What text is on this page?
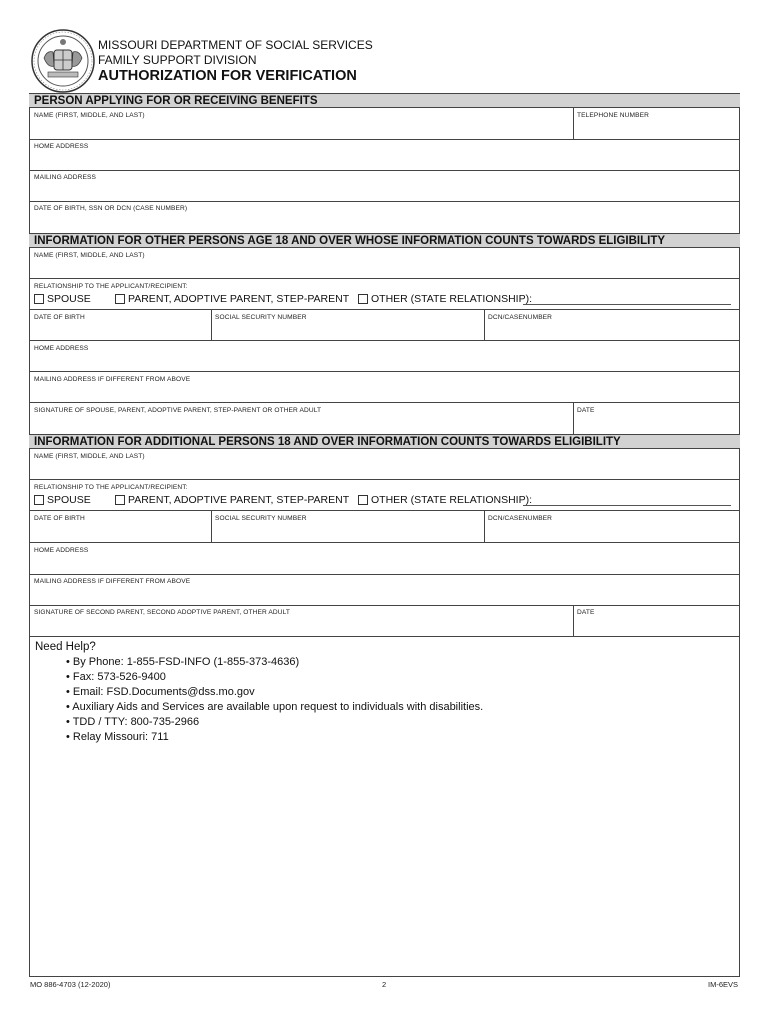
MISSOURI DEPARTMENT OF SOCIAL SERVICES
FAMILY SUPPORT DIVISION
AUTHORIZATION FOR VERIFICATION
PERSON APPLYING FOR OR RECEIVING BENEFITS
NAME (FIRST, MIDDLE, AND LAST)	TELEPHONE NUMBER
HOME ADDRESS
MAILING ADDRESS
DATE OF BIRTH, SSN OR DCN (CASE NUMBER)
INFORMATION FOR OTHER PERSONS AGE 18 AND OVER WHOSE INFORMATION COUNTS TOWARDS ELIGIBILITY
NAME (FIRST, MIDDLE, AND LAST)
RELATIONSHIP TO THE APPLICANT/RECIPIENT:
SPOUSE	PARENT, ADOPTIVE PARENT, STEP-PARENT OTHER (STATE RELATIONSHIP):
DATE OF BIRTH	SOCIAL SECURITY NUMBER	DCN/CASENUMBER
HOME ADDRESS
MAILING ADDRESS IF DIFFERENT FROM ABOVE
SIGNATURE OF SPOUSE, PARENT, ADOPTIVE PARENT, STEP-PARENT OR OTHER ADULT	DATE
INFORMATION FOR ADDITIONAL PERSONS 18 AND OVER INFORMATION COUNTS TOWARDS ELIGIBILITY
NAME (FIRST, MIDDLE, AND LAST)
RELATIONSHIP TO THE APPLICANT/RECIPIENT:
SPOUSE	PARENT, ADOPTIVE PARENT, STEP-PARENT OTHER (STATE RELATIONSHIP):
DATE OF BIRTH	SOCIAL SECURITY NUMBER	DCN/CASENUMBER
HOME ADDRESS
MAILING ADDRESS IF DIFFERENT FROM ABOVE
SIGNATURE OF SECOND PARENT, SECOND ADOPTIVE PARENT, OTHER ADULT	DATE
Need Help?
• By Phone: 1-855-FSD-INFO (1-855-373-4636)
• Fax: 573-526-9400
• Email: FSD.Documents@dss.mo.gov
• Auxiliary Aids and Services are available upon request to individuals with disabilities.
• TDD / TTY: 800-735-2966
• Relay Missouri: 711
MO 886-4703 (12-2020)	2	IM-6EVS
